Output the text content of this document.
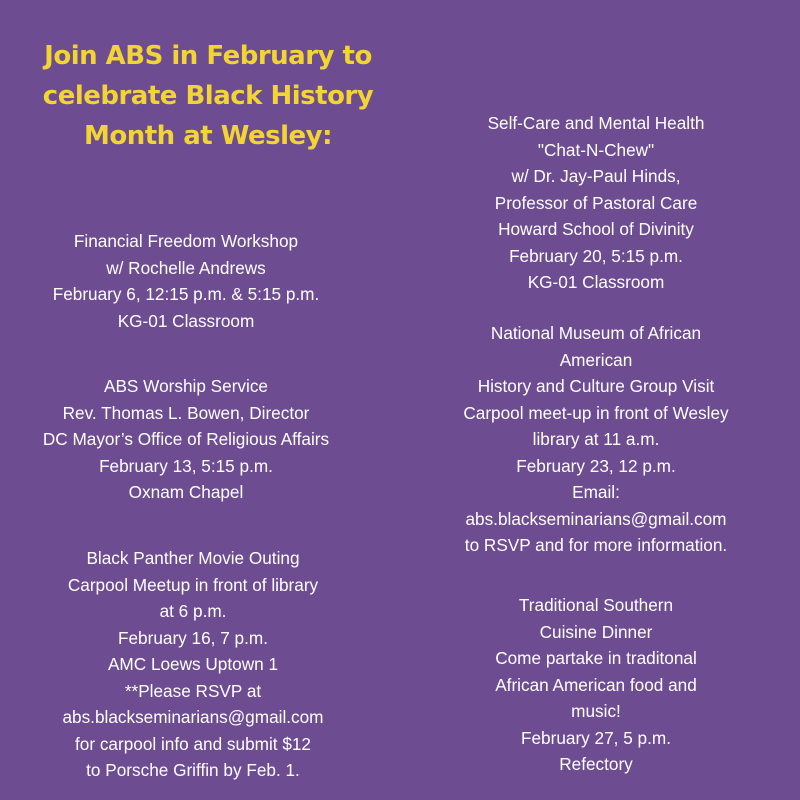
Join ABS in February to
celebrate Black History
Month at Wesley:
Financial Freedom Workshop
w/ Rochelle Andrews
February 6, 12:15 p.m. & 5:15 p.m.
KG-01 Classroom
ABS Worship Service
Rev. Thomas L. Bowen, Director
DC Mayor’s Office of Religious Affairs
February 13, 5:15 p.m.
Oxnam Chapel
Black Panther Movie Outing
Carpool Meetup in front of library
at 6 p.m.
February 16, 7 p.m.
AMC Loews Uptown 1
**Please RSVP at
abs.blackseminarians@gmail.com
for carpool info and submit $12
to Porsche Griffin by Feb. 1.
Self-Care and Mental Health
"Chat-N-Chew"
w/ Dr. Jay-Paul Hinds,
Professor of Pastoral Care
Howard School of Divinity
February 20, 5:15 p.m.
KG-01 Classroom
National Museum of African
American
History and Culture Group Visit
Carpool meet-up in front of Wesley
library at 11 a.m.
February 23, 12 p.m.
Email:
abs.blackseminarians@gmail.com
to RSVP and for more information.
Traditional Southern
Cuisine Dinner
Come partake in traditonal
African American food and
music!
February 27, 5 p.m.
Refectory
